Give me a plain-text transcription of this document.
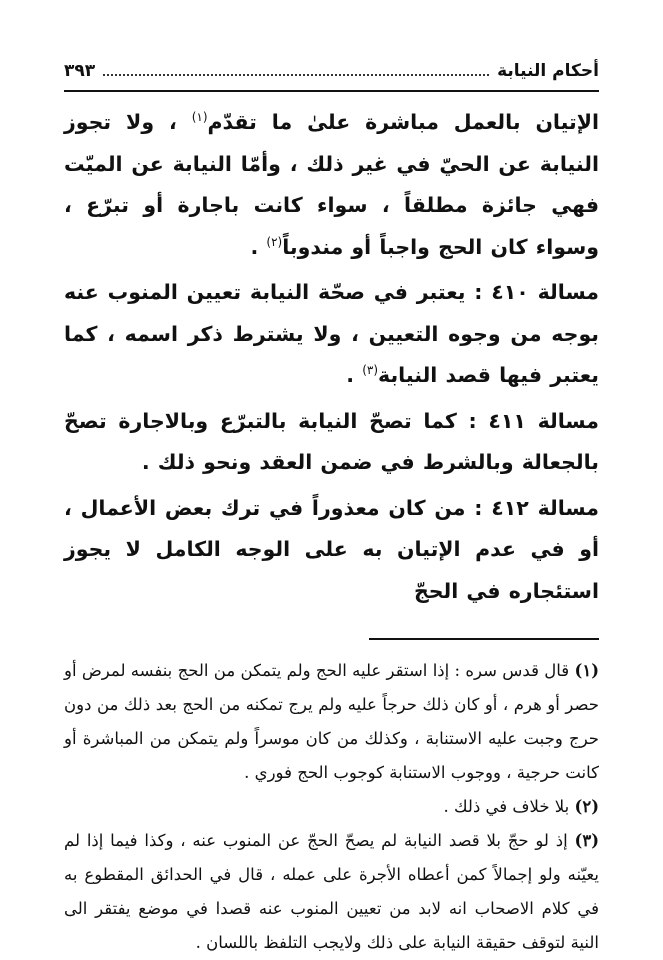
أحكام النيابة
٣٩٣

الإتيان بالعمل مباشرة علىٰ ما تقدّم$^{(١)}$ ، ولا تجوز النيابة عن الحيّ في غير ذلك ، وأمّا النيابة عن الميّت فهي جائزة مطلقاً ، سواء كانت باجارة أو تبرّع ، وسواء كان الحج واجباً أو مندوباً$^{(٢)}$ .

مسالة ٤١٠ : يعتبر في صحّة النيابة تعيين المنوب عنه بوجه من وجوه التعيين ، ولا يشترط ذكر اسمه ، كما يعتبر فيها قصد النيابة$^{(٣)}$ .

مسالة ٤١١ : كما تصحّ النيابة بالتبرّع وبالاجارة تصحّ بالجعالة وبالشرط في ضمن العقد ونحو ذلك .

مسالة ٤١٢ : من كان معذوراً في ترك بعض الأعمال ، أو في عدم الإتيان به على الوجه الكامل لا يجوز استئجاره في الحجّ

(١) قال قدس سره : إذا استقر عليه الحج ولم يتمكن من الحج بنفسه لمرض أو حصر أو هرم ، أو كان ذلك حرجاً عليه ولم يرج تمكنه من الحج بعد ذلك من دون حرج وجبت عليه الاستنابة ، وكذلك من كان موسراً ولم يتمكن من المباشرة أو كانت حرجية ، ووجوب الاستنابة كوجوب الحج فوري .

(٢) بلا خلاف في ذلك .

(٣) إذ لو حجّ بلا قصد النيابة لم يصحّ الحجّ عن المنوب عنه ، وكذا فيما إذا لم يعيّنه ولو إجمالاً كمن أعطاه الأجرة على عمله ، قال في الحدائق المقطوع به في كلام الاصحاب انه لابد من تعيين المنوب عنه قصدا في موضع يفتقر الى النية لتوقف حقيقة النيابة على ذلك ولايجب التلفظ باللسان .
